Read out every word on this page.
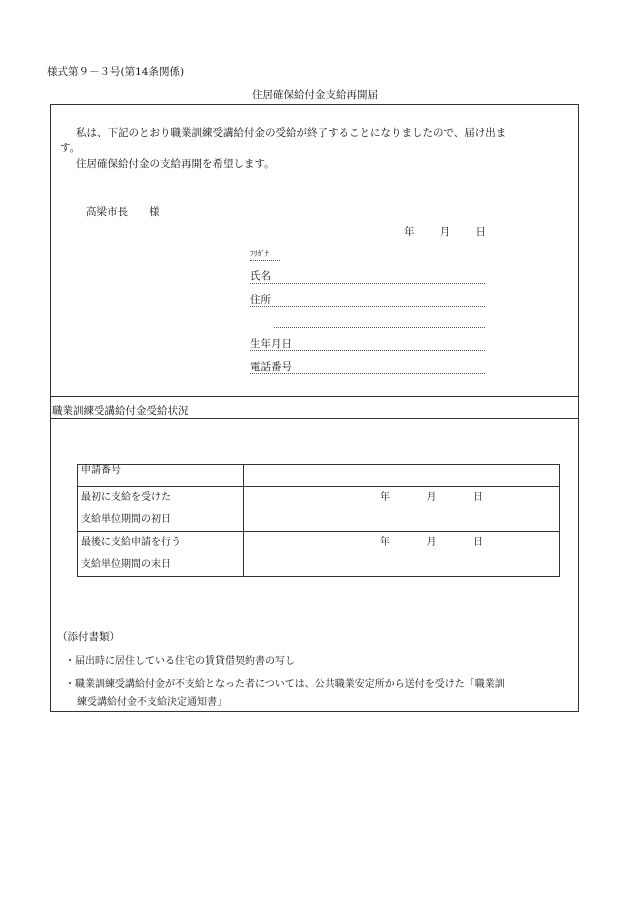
様式第９－３号(第14条関係)
住居確保給付金支給再開届
私は、下記のとおり職業訓練受講給付金の受給が終了することになりましたので、届け出ま
す。
住居確保給付金の支給再開を希望します。
高梁市長　　様
年 月 日
ﾌﾘｶﾞﾅ
氏名
住所
生年月日
電話番号
職業訓練受講給付金受給状況
申請番号	

最初に支給を受けた
支給単位期間の初日	年 月 日

最後に支給申請を行う
支給単位期間の末日	年 月 日
（添付書類）
・届出時に居住している住宅の賃貸借契約書の写し
・職業訓練受講給付金が不支給となった者については、公共職業安定所から送付を受けた「職業訓
練受講給付金不支給決定通知書」
